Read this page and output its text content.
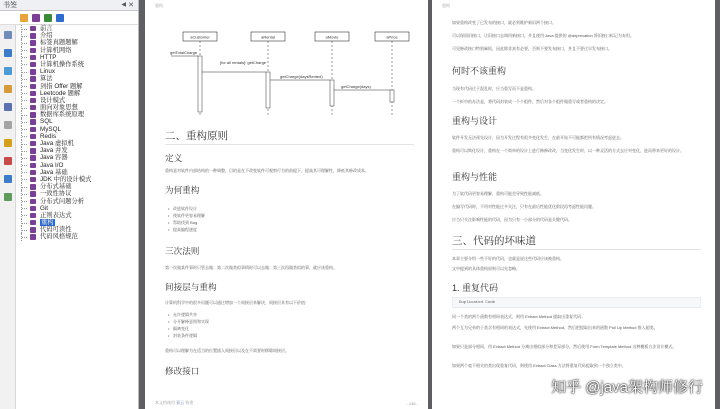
书签	◀ ✕
前言
介绍
标签真题题解
计算机网络
HTTP
计算机操作系统
Linux
算法
剑指 Offer 题解
Leetcode 题解
设计模式
面向对象思想
数据库系统原理
SQL
MySQL
Redis
Java 虚拟机
Java 并发
Java 容器
Java I/O
Java 基础
JDK 中的设计模式
分布式基础
一致性协议
分布式问题分析
Git
正则表达式
重构
代码可读性
代码风格规范
重构
aCustomer	aRental	aMovie	aPrice
getTotalCharge
[for all rentals]: getCharge
getCharge(daysRented)
getCharge(days)
二、重构原则
定义
重构是对软件内部结构的一种调整，目的是在不改变软件可观察行为的前提下，提高其可理解性，降低其修改成本。
为何重构
• 改进软件设计
• 使软件更容易理解
• 帮助找到 Bug
• 提高编程速度
三次法则
第一次做某件事时只管去做；第二次做类似事情时可以去做；第三次再做类似的事，就应该重构。
间接层与重构
计算机科学中的很多问题可以通过增加一个间接层来解决，间接层具有以下价值：
• 允许逻辑共享
• 分开解释意图和实现
• 隔离变化
• 封装条件逻辑
重构可以理解为在适当的位置插入间接层以及在不需要时移除间接层。
修改接口
本文档使用 看云 构建	- 136 -
重构
如果重构改变了已发布的接口，就必须维护新旧两个接口。
可以保留旧接口，让旧接口去调用新接口，并且使用 Java 提供的 @deprecation 将旧接口标记为弃用。
可见修改接口特别麻烦，因此除非真有必要，否则不要发布接口，并且不要过早发布接口。
何时不该重构
当现有代码过于混乱时，应当重写而不是重构。
一个折中的办法是，将代码封装成一个个组件，然后对各个组件做重写或者重构的决定。
重构与设计
软件开发无法预先设计，因为开发过程有很多变化发生，在最开始不可能都把所有情况考虑进去。
重构可以简化设计，重构在一个简单的设计上进行修修改改，当变化发生时，以一种灵活的方式去应对变化，进而带来更好的设计。
重构与性能
为了软代码更容易理解，重构可能会导致性能减低。
在编写代码时，不用对性能过多关注，只有在最后性能优化阶段再考虑性能问题。
应当只关注影响性能的代码，因为只有一小部分的代码是关键代码。
三、代码的坏味道
本章主要介绍一些不好的代码，也就是说这些代码应该被重构。
文中提到的具体重构原则可以先忽略。
1. 重复代码
Duplicated Code
同一个类的两个函数有相同表达式，则用 Extract Method 提取出重复代码；
两个互为兄弟的子类含有相同的表达式，先使用 Extract Method，然后把提取出来的函数 Pull Up Method 推入超类。
如果只是部分相同，用 Extract Method 分离出相似部分和差异部分，然后使用 Form Template Method 这种模板方法设计模式。
如果两个毫不相关的类出现重复代码，则使用 Extract Class 方法将重复代码提取到一个独立类中。
知乎 @java架构师修行
